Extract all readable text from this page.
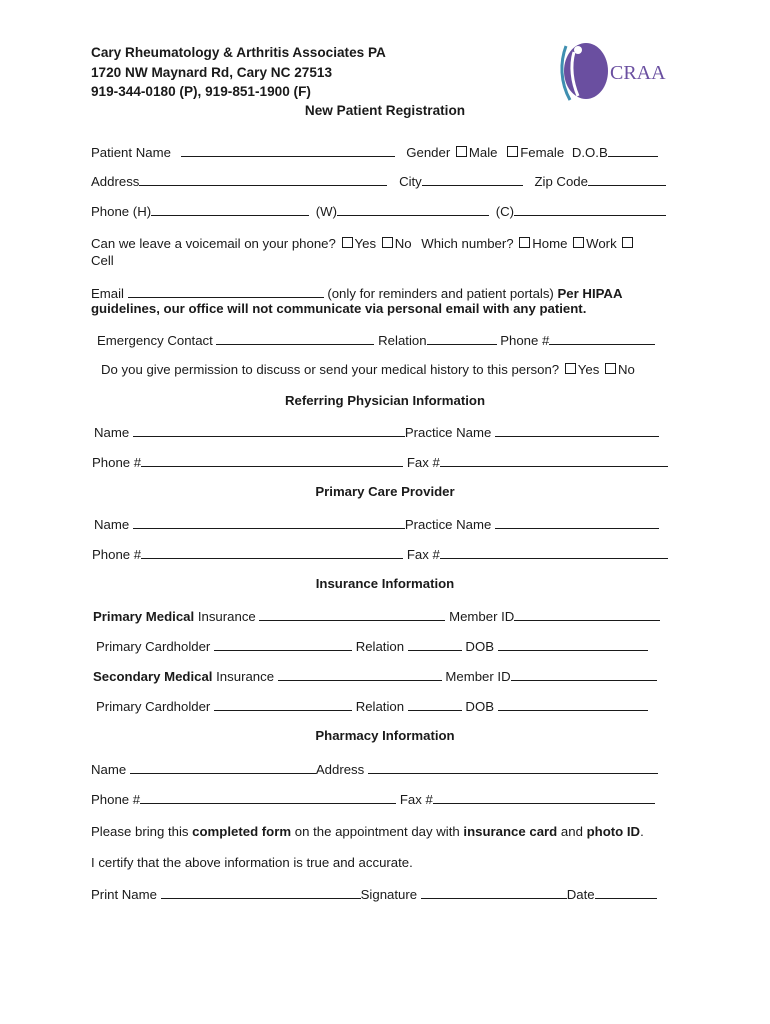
Cary Rheumatology & Arthritis Associates PA
1720 NW Maynard Rd, Cary NC 27513
919-344-0180 (P), 919-851-1900 (F)
New Patient Registration
CRAA
Patient Name	Gender Male Female D.O.B
Address	City	Zip Code
Phone (H)	(W)	(C)
Can we leave a voicemail on your phone? Yes No Which number? Home Work
Cell
Email	(only for reminders and patient portals) Per HIPAA
guidelines, our office will not communicate via personal email with any patient.
Emergency Contact	Relation	Phone #
Do you give permission to discuss or send your medical history to this person? Yes No
Referring Physician Information
Name	Practice Name
Phone #	Fax #
Primary Care Provider
Name	Practice Name
Phone #	Fax #
Insurance Information
Primary Medical Insurance	Member ID
Primary Cardholder	Relation	DOB
Secondary Medical Insurance	Member ID
Primary Cardholder	Relation	DOB
Pharmacy Information
Name	Address
Phone #	Fax #
Please bring this completed form on the appointment day with insurance card and photo ID.
I certify that the above information is true and accurate.
Print Name	Signature	Date
